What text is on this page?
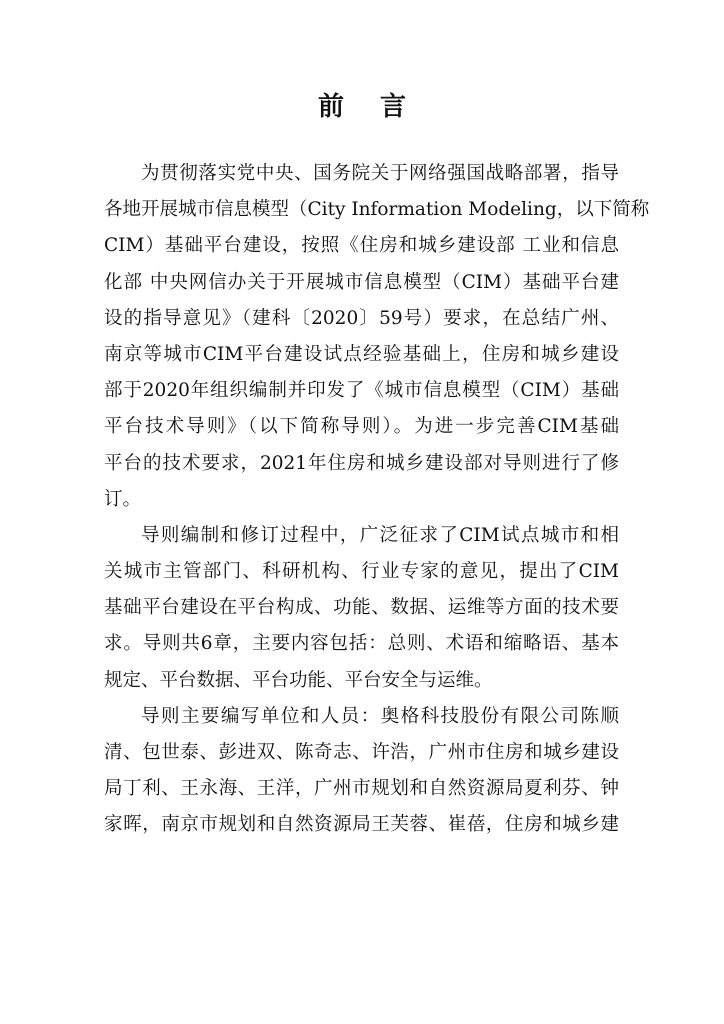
前 言
为贯彻落实党中央、国务院关于网络强国战略部署，指导
各地开展城市信息模型（City Information Modeling，以下简称
CIM）基础平台建设，按照《住房和城乡建设部 工业和信息
化部 中央网信办关于开展城市信息模型（CIM）基础平台建
设的指导意见》（建科〔2020〕59号）要求，在总结广州、
南京等城市CIM平台建设试点经验基础上，住房和城乡建设
部于2020年组织编制并印发了《城市信息模型（CIM）基础
平台技术导则》（以下简称导则）。为进一步完善CIM基础
平台的技术要求，2021年住房和城乡建设部对导则进行了修
订。
导则编制和修订过程中，广泛征求了CIM试点城市和相
关城市主管部门、科研机构、行业专家的意见，提出了CIM
基础平台建设在平台构成、功能、数据、运维等方面的技术要
求。导则共6章，主要内容包括：总则、术语和缩略语、基本
规定、平台数据、平台功能、平台安全与运维。
导则主要编写单位和人员：奥格科技股份有限公司陈顺
清、包世泰、彭进双、陈奇志、许浩，广州市住房和城乡建设
局丁利、王永海、王洋，广州市规划和自然资源局夏利芬、钟
家晖，南京市规划和自然资源局王芙蓉、崔蓓，住房和城乡建
